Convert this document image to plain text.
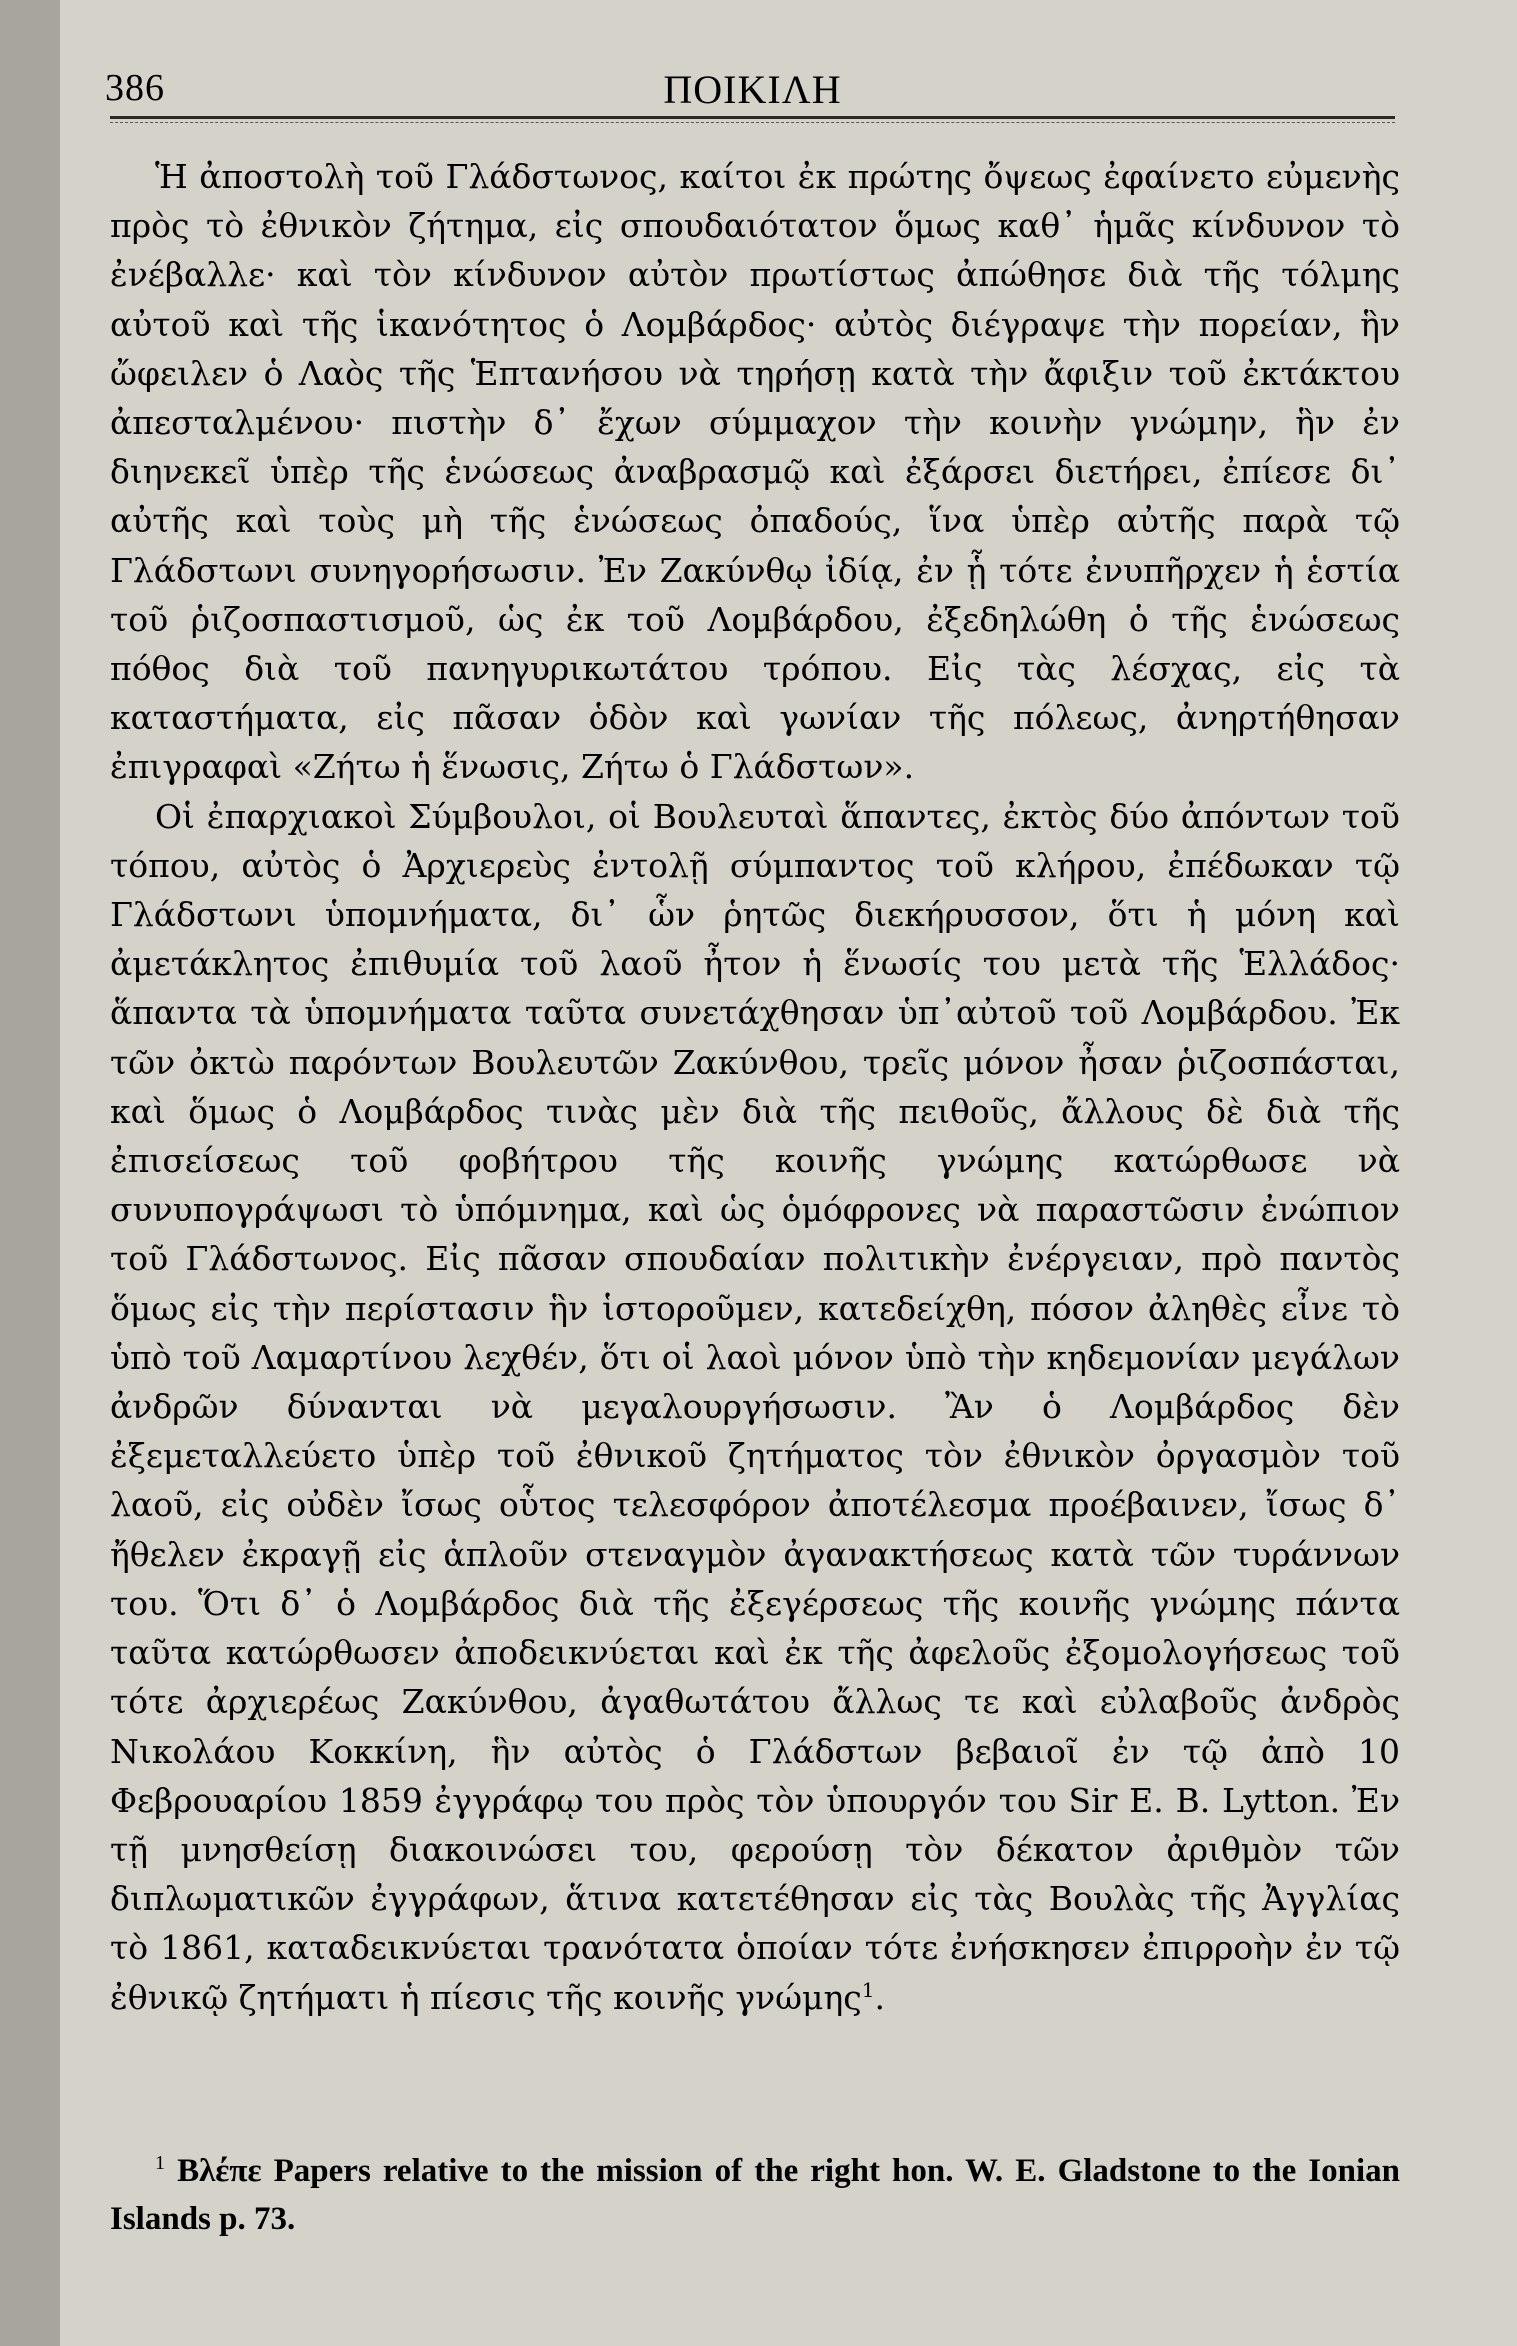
386	ΠΟΙΚΙΛΗ

Ἡ ἀποστολὴ τοῦ Γλάδστωνος, καίτοι ἐκ πρώτης ὄψεως ἐφαίνετο εὐμενὴς πρὸς τὸ ἐθνικὸν ζήτημα, εἰς σπουδαιότατον ὅμως καθ᾽ ἡμᾶς κίνδυνον τὸ ἐνέβαλλε· καὶ τὸν κίνδυνον αὐτὸν πρωτίστως ἀπώθησε διὰ τῆς τόλμης αὐτοῦ καὶ τῆς ἱκανότητος ὁ Λομβάρδος· αὐτὸς διέγραψε τὴν πορείαν, ἣν ὤφειλεν ὁ Λαὸς τῆς Ἑπτανήσου νὰ τηρήσῃ κατὰ τὴν ἄφιξιν τοῦ ἐκτάκτου ἀπεσταλμένου· πιστὴν δ᾽ ἔχων σύμμαχον τὴν κοινὴν γνώμην, ἣν ἐν διηνεκεῖ ὑπὲρ τῆς ἑνώσεως ἀναβρασμῷ καὶ ἐξάρσει διετήρει, ἐπίεσε δι᾽ αὐτῆς καὶ τοὺς μὴ τῆς ἑνώσεως ὀπαδούς, ἵνα ὑπὲρ αὐτῆς παρὰ τῷ Γλάδστωνι συνηγορήσωσιν. Ἐν Ζακύνθῳ ἰδίᾳ, ἐν ᾗ τότε ἐνυπῆρχεν ἡ ἑστία τοῦ ῥιζοσπαστισμοῦ, ὡς ἐκ τοῦ Λομβάρδου, ἐξεδηλώθη ὁ τῆς ἑνώσεως πόθος διὰ τοῦ πανηγυρικωτάτου τρόπου. Εἰς τὰς λέσχας, εἰς τὰ καταστήματα, εἰς πᾶσαν ὁδὸν καὶ γωνίαν τῆς πόλεως, ἀνηρτήθησαν ἐπιγραφαὶ «Ζήτω ἡ ἕνωσις, Ζήτω ὁ Γλάδστων».

Οἱ ἐπαρχιακοὶ Σύμβουλοι, οἱ Βουλευταὶ ἅπαντες, ἐκτὸς δύο ἀπόντων τοῦ τόπου, αὐτὸς ὁ Ἀρχιερεὺς ἐντολῇ σύμπαντος τοῦ κλήρου, ἐπέδωκαν τῷ Γλάδστωνι ὑπομνήματα, δι᾽ ὧν ῥητῶς διεκήρυσσον, ὅτι ἡ μόνη καὶ ἀμετάκλητος ἐπιθυμία τοῦ λαοῦ ἦτον ἡ ἕνωσίς του μετὰ τῆς Ἑλλάδος· ἅπαντα τὰ ὑπομνήματα ταῦτα συνετάχθησαν ὑπ᾽αὐτοῦ τοῦ Λομβάρδου. Ἐκ τῶν ὀκτὼ παρόντων Βουλευτῶν Ζακύνθου, τρεῖς μόνον ἦσαν ῥιζοσπάσται, καὶ ὅμως ὁ Λομβάρδος τινὰς μὲν διὰ τῆς πειθοῦς, ἄλλους δὲ διὰ τῆς ἐπισείσεως τοῦ φοβήτρου τῆς κοινῆς γνώμης κατώρθωσε νὰ συνυπογράψωσι τὸ ὑπόμνημα, καὶ ὡς ὁμόφρονες νὰ παραστῶσιν ἐνώπιον τοῦ Γλάδστωνος. Εἰς πᾶσαν σπουδαίαν πολιτικὴν ἐνέργειαν, πρὸ παντὸς ὅμως εἰς τὴν περίστασιν ἣν ἱστοροῦμεν, κατεδείχθη, πόσον ἀληθὲς εἶνε τὸ ὑπὸ τοῦ Λαμαρτίνου λεχθέν, ὅτι οἱ λαοὶ μόνον ὑπὸ τὴν κηδεμονίαν μεγάλων ἀνδρῶν δύνανται νὰ μεγαλουργήσωσιν. Ἂν ὁ Λομβάρδος δὲν ἐξεμεταλλεύετο ὑπὲρ τοῦ ἐθνικοῦ ζητήματος τὸν ἐθνικὸν ὀργασμὸν τοῦ λαοῦ, εἰς οὐδὲν ἴσως οὗτος τελεσφόρον ἀποτέλεσμα προέβαινεν, ἴσως δ᾽ ἤθελεν ἐκραγῇ εἰς ἁπλοῦν στεναγμὸν ἀγανακτήσεως κατὰ τῶν τυράννων του. Ὅτι δ᾽ ὁ Λομβάρδος διὰ τῆς ἐξεγέρσεως τῆς κοινῆς γνώμης πάντα ταῦτα κατώρθωσεν ἀποδεικνύεται καὶ ἐκ τῆς ἀφελοῦς ἐξομολογήσεως τοῦ τότε ἀρχιερέως Ζακύνθου, ἀγαθωτάτου ἄλλως τε καὶ εὐλαβοῦς ἀνδρὸς Νικολάου Κοκκίνη, ἣν αὐτὸς ὁ Γλάδστων βεβαιοῖ ἐν τῷ ἀπὸ 10 Φεβρουαρίου 1859 ἐγγράφῳ του πρὸς τὸν ὑπουργόν του Sir E. B. Lytton. Ἐν τῇ μνησθείσῃ διακοινώσει του, φερούσῃ τὸν δέκατον ἀριθμὸν τῶν διπλωματικῶν ἐγγράφων, ἅτινα κατετέθησαν εἰς τὰς Βουλὰς τῆς Ἀγγλίας τὸ 1861, καταδεικνύεται τρανότατα ὁποίαν τότε ἐνήσκησεν ἐπιρροὴν ἐν τῷ ἐθνικῷ ζητήματι ἡ πίεσις τῆς κοινῆς γνώμης$^1$.

$^1$ Βλέπε Papers relative to the mission of the right hon. W. E. Gladstone to the Ionian Islands p. 73.
